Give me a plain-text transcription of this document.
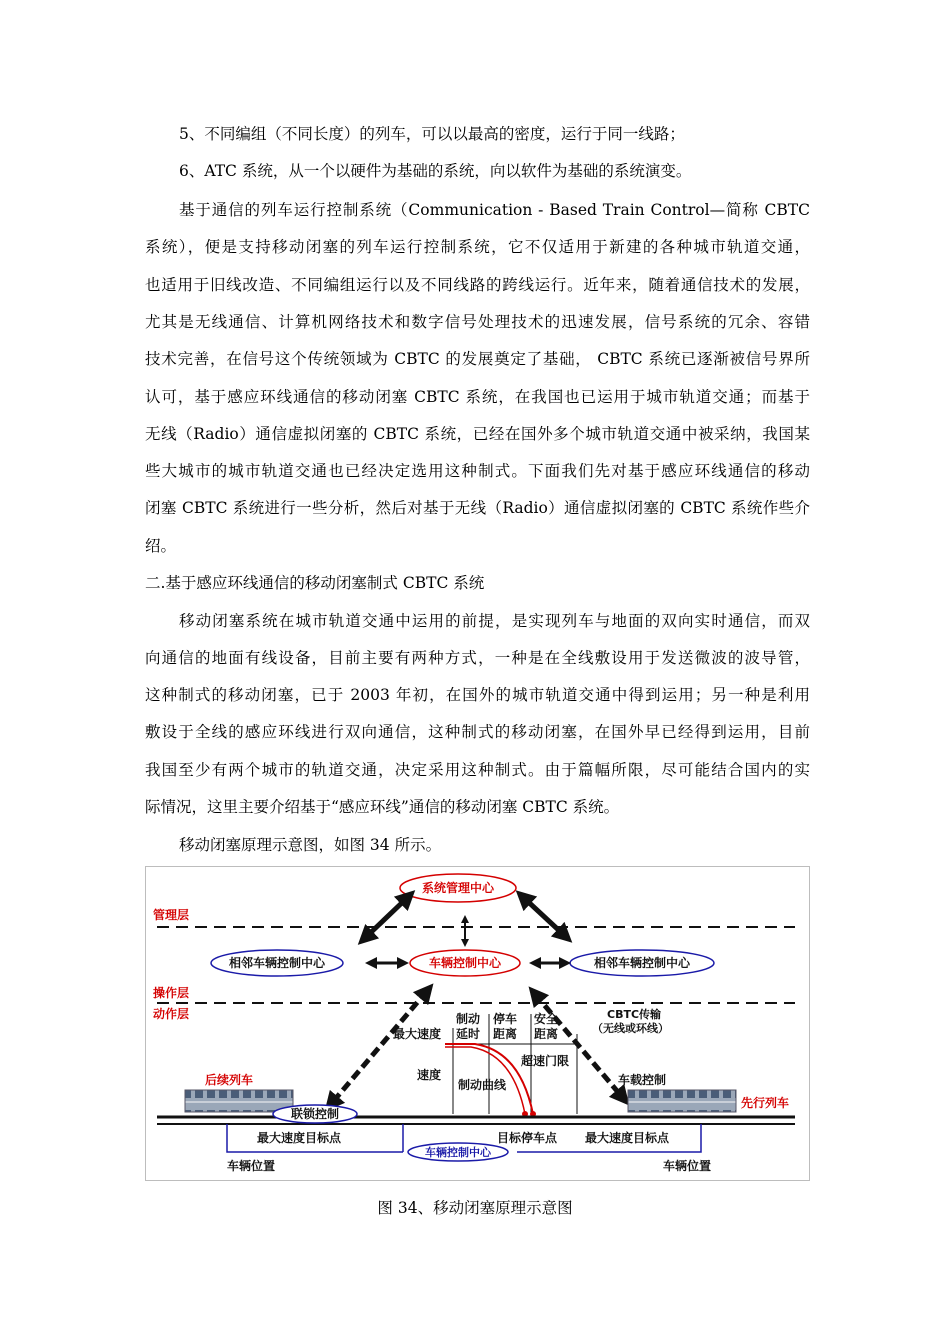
5、不同编组（不同长度）的列车，可以以最高的密度，运行于同一线路；
6、ATC 系统，从一个以硬件为基础的系统，向以软件为基础的系统演变。
基于通信的列车运行控制系统（Communication - Based Train Control—简称 CBTC
系统），便是支持移动闭塞的列车运行控制系统，它不仅适用于新建的各种城市轨道交通，
也适用于旧线改造、不同编组运行以及不同线路的跨线运行。近年来，随着通信技术的发展，
尤其是无线通信、计算机网络技术和数字信号处理技术的迅速发展，信号系统的冗余、容错
技术完善，在信号这个传统领域为 CBTC 的发展奠定了基础， CBTC 系统已逐渐被信号界所
认可，基于感应环线通信的移动闭塞 CBTC 系统，在我国也已运用于城市轨道交通；而基于
无线（Radio）通信虚拟闭塞的 CBTC 系统，已经在国外多个城市轨道交通中被采纳，我国某
些大城市的城市轨道交通也已经决定选用这种制式。下面我们先对基于感应环线通信的移动
闭塞 CBTC 系统进行一些分析，然后对基于无线（Radio）通信虚拟闭塞的 CBTC 系统作些介
绍。
二.基于感应环线通信的移动闭塞制式 CBTC 系统
移动闭塞系统在城市轨道交通中运用的前提，是实现列车与地面的双向实时通信，而双
向通信的地面有线设备，目前主要有两种方式，一种是在全线敷设用于发送微波的波导管，
这种制式的移动闭塞，已于 2003 年初，在国外的城市轨道交通中得到运用；另一种是利用
敷设于全线的感应环线进行双向通信，这种制式的移动闭塞，在国外早已经得到运用，目前
我国至少有两个城市的轨道交通，决定采用这种制式。由于篇幅所限，尽可能结合国内的实
际情况，这里主要介绍基于“感应环线”通信的移动闭塞 CBTC 系统。
移动闭塞原理示意图，如图 34 所示。
管理层
操作层
动作层
系统管理中心
车辆控制中心
相邻车辆控制中心	相邻车辆控制中心
最大速度
制动
延时
停车
距离
安全
距离
CBTC传输
（无线或环线）
超速门限
速度
制动曲线	车载控制
后续列车
先行列车
联锁控制
最大速度目标点	目标停车点 最大速度目标点
车辆控制中心
车辆位置	车辆位置
图 34、移动闭塞原理示意图
